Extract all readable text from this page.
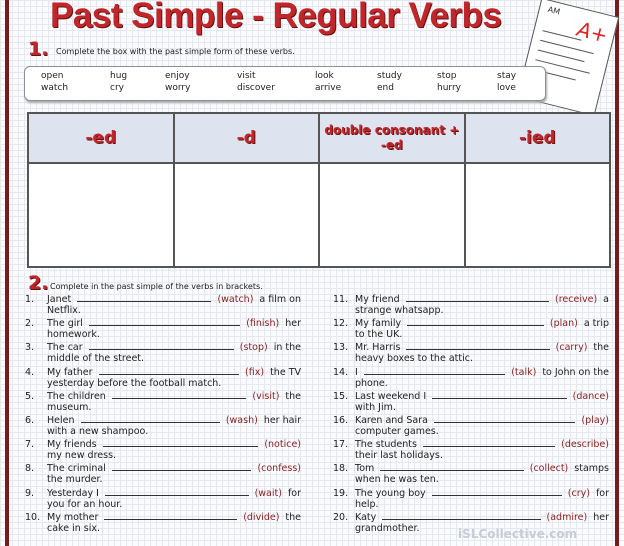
AM
A+
Past Simple - Regular Verbs
1. Complete the box with the past simple form of these verbs.
open	hug	enjoy	visit	look	study	stop	stay
watch	cry	worry	discover	arrive	end	hurry	love
-ed	-d	double consonant + -ed	-ied
2. Complete in the past simple of the verbs in brackets.
1.	Janet	(watch) a film on
Netflix.
2.	The girl	(finish) her
homework.
3.	The car	(stop) in the
middle of the street.
4.	My father	(fix) the TV
yesterday before the football match.
5.	The children	(visit) the
museum.
6.	Helen	(wash) her hair
with a new shampoo.
7.	My friends	(notice)
my new dress.
8.	The criminal	(confess)
the murder.
9.	Yesterday I	(wait) for
you for an hour.
10. My mother	(divide) the
cake in six.
11. My friend	(receive) a
strange whatsapp.
12. My family	(plan) a trip
to the UK.
13. Mr. Harris	(carry) the
heavy boxes to the attic.
14. I	(talk) to John on the
phone.
15. Last weekend I	(dance)
with Jim.
16. Karen and Sara	(play)
computer games.
17. The students	(describe)
their last holidays.
18. Tom	(collect) stamps
when he was ten.
19. The young boy	(cry) for
help.
20. Katy	(admire) her
grandmother.	iSLCollective.com
